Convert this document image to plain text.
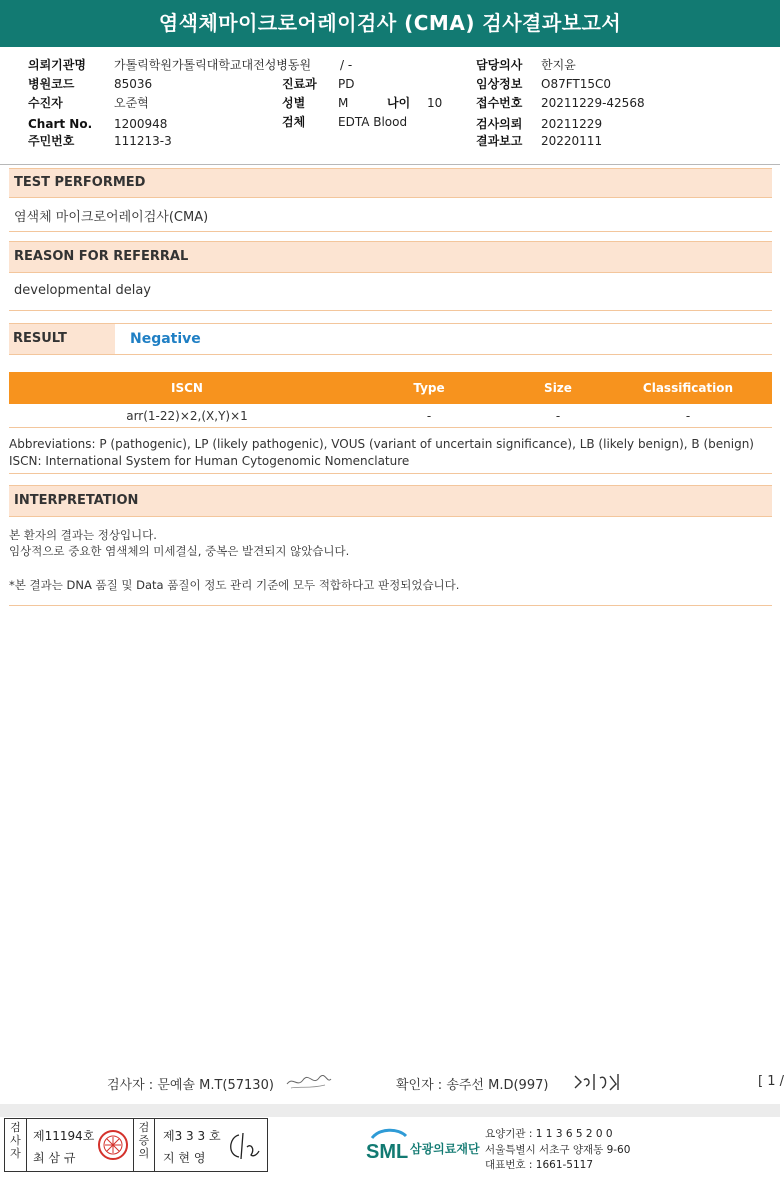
염색체마이크로어레이검사 (CMA) 검사결과보고서
의뢰기관명 가톨릭학원가톨릭대학교대전성병동원 / -	담당의사 한지윤
병원코드	85036	진료과 PD	임상정보 O87FT15C0
수진자	오준혁	성별	M	나이 10	접수번호 20211229-42568
Chart No. 1200948	검체	EDTA Blood	검사의뢰 20211229
주민번호	111213-3	결과보고 20220111
TEST PERFORMED
염색체 마이크로어레이검사(CMA)
REASON FOR REFERRAL
developmental delay
RESULT	Negative
ISCN	Type	Size	Classification
arr(1-22)×2,(X,Y)×1	-	-	-
Abbreviations: P (pathogenic), LP (likely pathogenic), VOUS (variant of uncertain significance), LB (likely benign), B (benign)
ISCN: International System for Human Cytogenomic Nomenclature
INTERPRETATION
본 환자의 결과는 정상입니다.
임상적으로 중요한 염색체의 미세결실, 중복은 발견되지 않았습니다.
*본 결과는 DNA 품질 및 Data 품질이 정도 관리 기준에 모두 적합하다고 판정되었습니다.
검사자 : 문예솔 M.T(57130)	확인자 : 송주선 M.D(997)	[ 1 /
검사자
제11194호
최 삼 규
검증의
제3 3 3 호
지 현 영	SML 삼광의료재단
요양기관 : 1 1 3 6 5 2 0 0
서울특별시 서초구 양재동 9-60
대표번호 : 1661-5117
